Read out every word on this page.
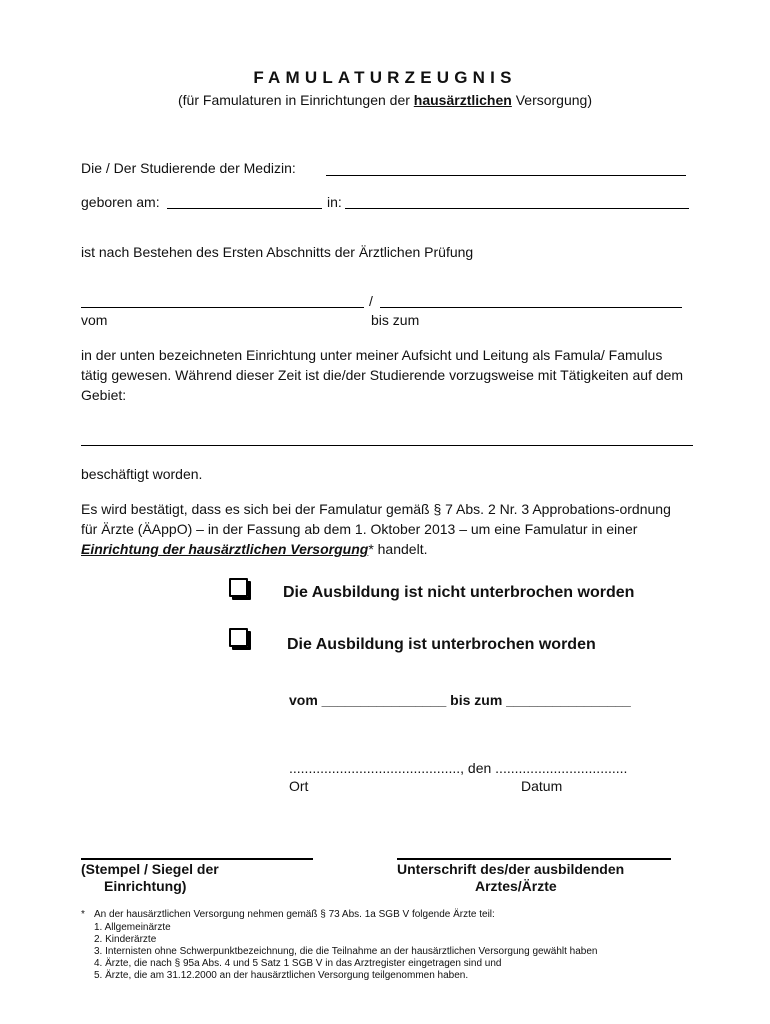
FAMULATURZEUGNIS
(für Famulaturen in Einrichtungen der hausärztlichen Versorgung)
Die / Der Studierende der Medizin:
geboren am:	in:
ist nach Bestehen des Ersten Abschnitts der Ärztlichen Prüfung
/
vom	bis zum
in der unten bezeichneten Einrichtung unter meiner Aufsicht und Leitung als Famula/ Famulus tätig gewesen. Während dieser Zeit ist die/der Studierende vorzugsweise mit Tätigkeiten auf dem Gebiet:
beschäftigt worden.
Es wird bestätigt, dass es sich bei der Famulatur gemäß § 7 Abs. 2 Nr. 3 Approbations-ordnung für Ärzte (ÄAppO) – in der Fassung ab dem 1. Oktober 2013 – um eine Famulatur in einer Einrichtung der hausärztlichen Versorgung* handelt.
Die Ausbildung ist nicht unterbrochen worden
Die Ausbildung ist unterbrochen worden
vom ________________ bis zum ________________
............................................, den ..................................
Ort	Datum
(Stempel / Siegel der
Einrichtung)
Unterschrift des/der ausbildenden
Arztes/Ärzte
* An der hausärztlichen Versorgung nehmen gemäß § 73 Abs. 1a SGB V folgende Ärzte teil:
1. Allgemeinärzte
2. Kinderärzte
3. Internisten ohne Schwerpunktbezeichnung, die die Teilnahme an der hausärztlichen Versorgung gewählt haben
4. Ärzte, die nach § 95a Abs. 4 und 5 Satz 1 SGB V in das Arztregister eingetragen sind und
5. Ärzte, die am 31.12.2000 an der hausärztlichen Versorgung teilgenommen haben.
